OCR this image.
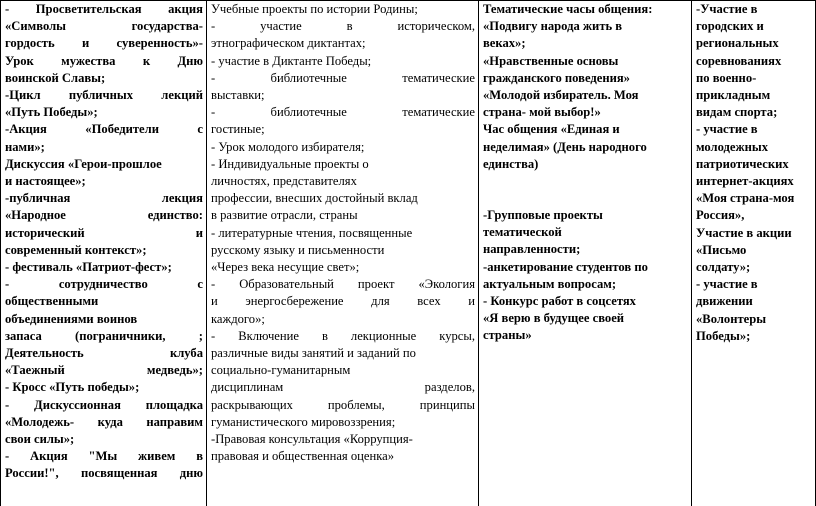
- Просветительская акция
«Символы государства-
гордость и суверенность»-
Урок мужества к Дню
воинской Славы;
-Цикл публичных лекций
«Путь Победы»;
-Акция «Победители с
нами»;
Дискуссия «Герои-прошлое
и настоящее»;
-публичная лекция
«Народное единство:
исторический и
современный контекст»;
- фестиваль «Патриот-фест»;
- сотрудничество с
общественными
объединениями воинов
запаса (пограничники, ;
Деятельность клуба
«Таежный медведь»;
- Кросс «Путь победы»;
- Дискуссионная площадка
«Молодежь- куда направим
свои силы»;
- Акция "Мы живем в
России!", посвященная дню

Учебные проекты по истории Родины;
- участие в историческом,
этнографическом диктантах;
- участие в Диктанте Победы;
- библиотечные тематические
выставки;
- библиотечные тематические
гостиные;
- Урок молодого избирателя;
- Индивидуальные проекты о
личностях, представителях
профессии, внесших достойный вклад
в развитие отрасли, страны
- литературные чтения, посвященные
русскому языку и письменности
«Через века несущие свет»;
- Образовательный проект «Экология
и энергосбережение для всех и
каждого»;
- Включение в лекционные курсы,
различные виды занятий и заданий по
социально-гуманитарным
дисциплинам разделов,
раскрывающих проблемы, принципы
гуманистического мировоззрения;
-Правовая консультация «Коррупция-
правовая и общественная оценка»

Тематические часы общения:
«Подвигу народа жить в
веках»;
«Нравственные основы
гражданского поведения»
«Молодой избиратель. Моя
страна- мой выбор!»
Час общения «Единая и
неделимая» (День народного
единства)
-Групповые проекты
тематической
направленности;
-анкетирование студентов по
актуальным вопросам;
- Конкурс работ в соцсетях
«Я верю в будущее своей
страны»

-Участие в
городских и
региональных
соревнованиях
по военно-
прикладным
видам спорта;
- участие в
молодежных
патриотических
интернет-акциях
«Моя страна-моя
Россия»,
Участие в акции
«Письмо
солдату»;
- участие в
движении
«Волонтеры
Победы»;
